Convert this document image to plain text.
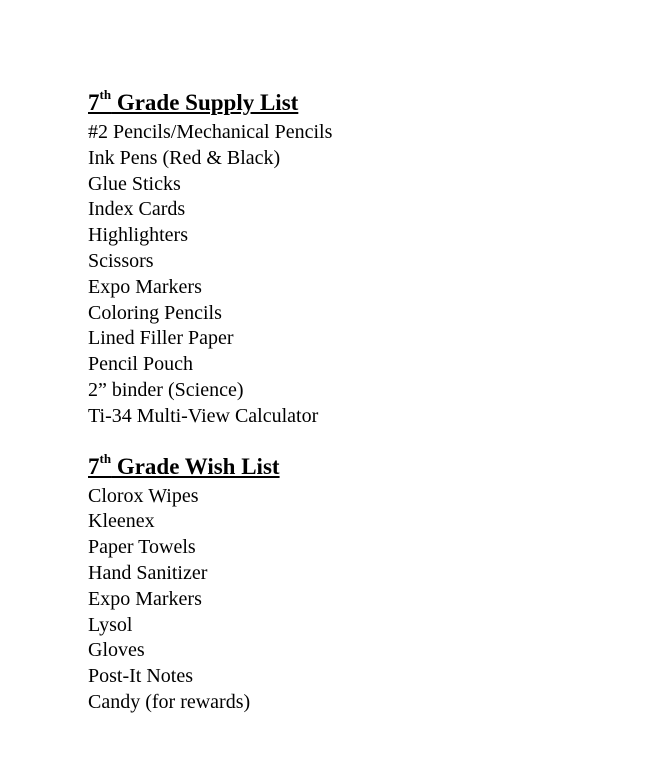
7th Grade Supply List
#2 Pencils/Mechanical Pencils
Ink Pens (Red & Black)
Glue Sticks
Index Cards
Highlighters
Scissors
Expo Markers
Coloring Pencils
Lined Filler Paper
Pencil Pouch
2” binder (Science)
Ti-34 Multi-View Calculator
7th Grade Wish List
Clorox Wipes
Kleenex
Paper Towels
Hand Sanitizer
Expo Markers
Lysol
Gloves
Post-It Notes
Candy (for rewards)
